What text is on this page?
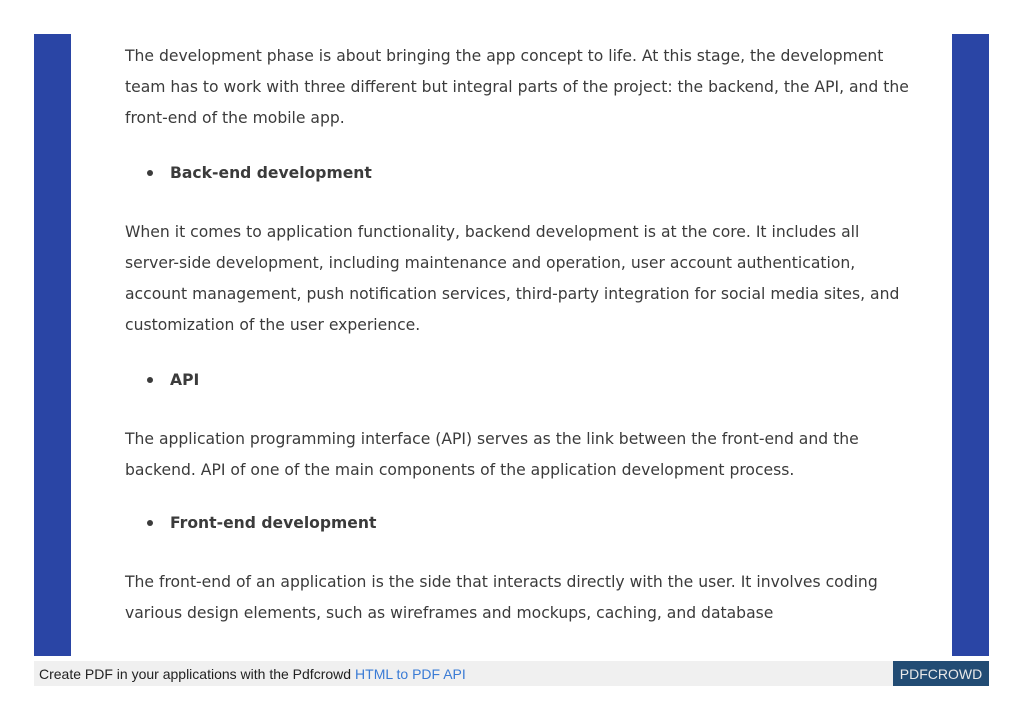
The development phase is about bringing the app concept to life. At this stage, the development team has to work with three different but integral parts of the project: the backend, the API, and the front-end of the mobile app.

Back-end development

When it comes to application functionality, backend development is at the core. It includes all server-side development, including maintenance and operation, user account authentication, account management, push notification services, third-party integration for social media sites, and customization of the user experience.

API

The application programming interface (API) serves as the link between the front-end and the backend. API of one of the main components of the application development process.

Front-end development

The front-end of an application is the side that interacts directly with the user. It involves coding various design elements, such as wireframes and mockups, caching, and database

Create PDF in your applications with the Pdfcrowd HTML to PDF API	PDFCROWD
